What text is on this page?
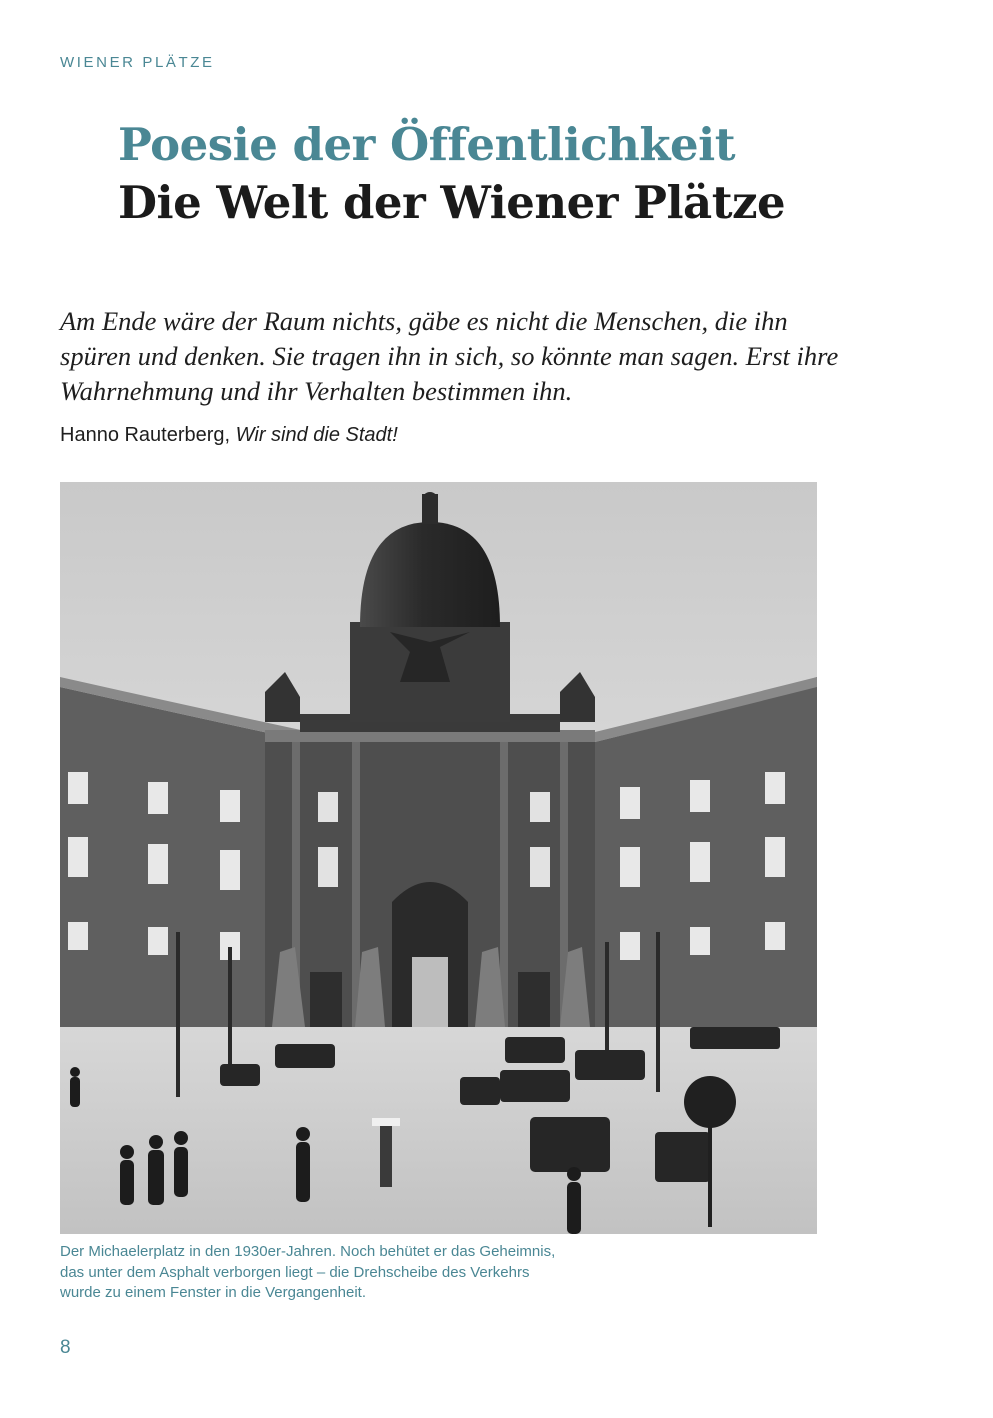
WIENER PLÄTZE
Poesie der Öffentlichkeit
Die Welt der Wiener Plätze
Am Ende wäre der Raum nichts, gäbe es nicht die Menschen, die ihn spüren und denken. Sie tragen ihn in sich, so könnte man sagen. Erst ihre Wahrnehmung und ihr Verhalten bestimmen ihn.
Hanno Rauterberg, Wir sind die Stadt!
Der Michaelerplatz in den 1930er-Jahren. Noch behütet er das Geheimnis,
das unter dem Asphalt verborgen liegt – die Drehscheibe des Verkehrs
wurde zu einem Fenster in die Vergangenheit.
8
